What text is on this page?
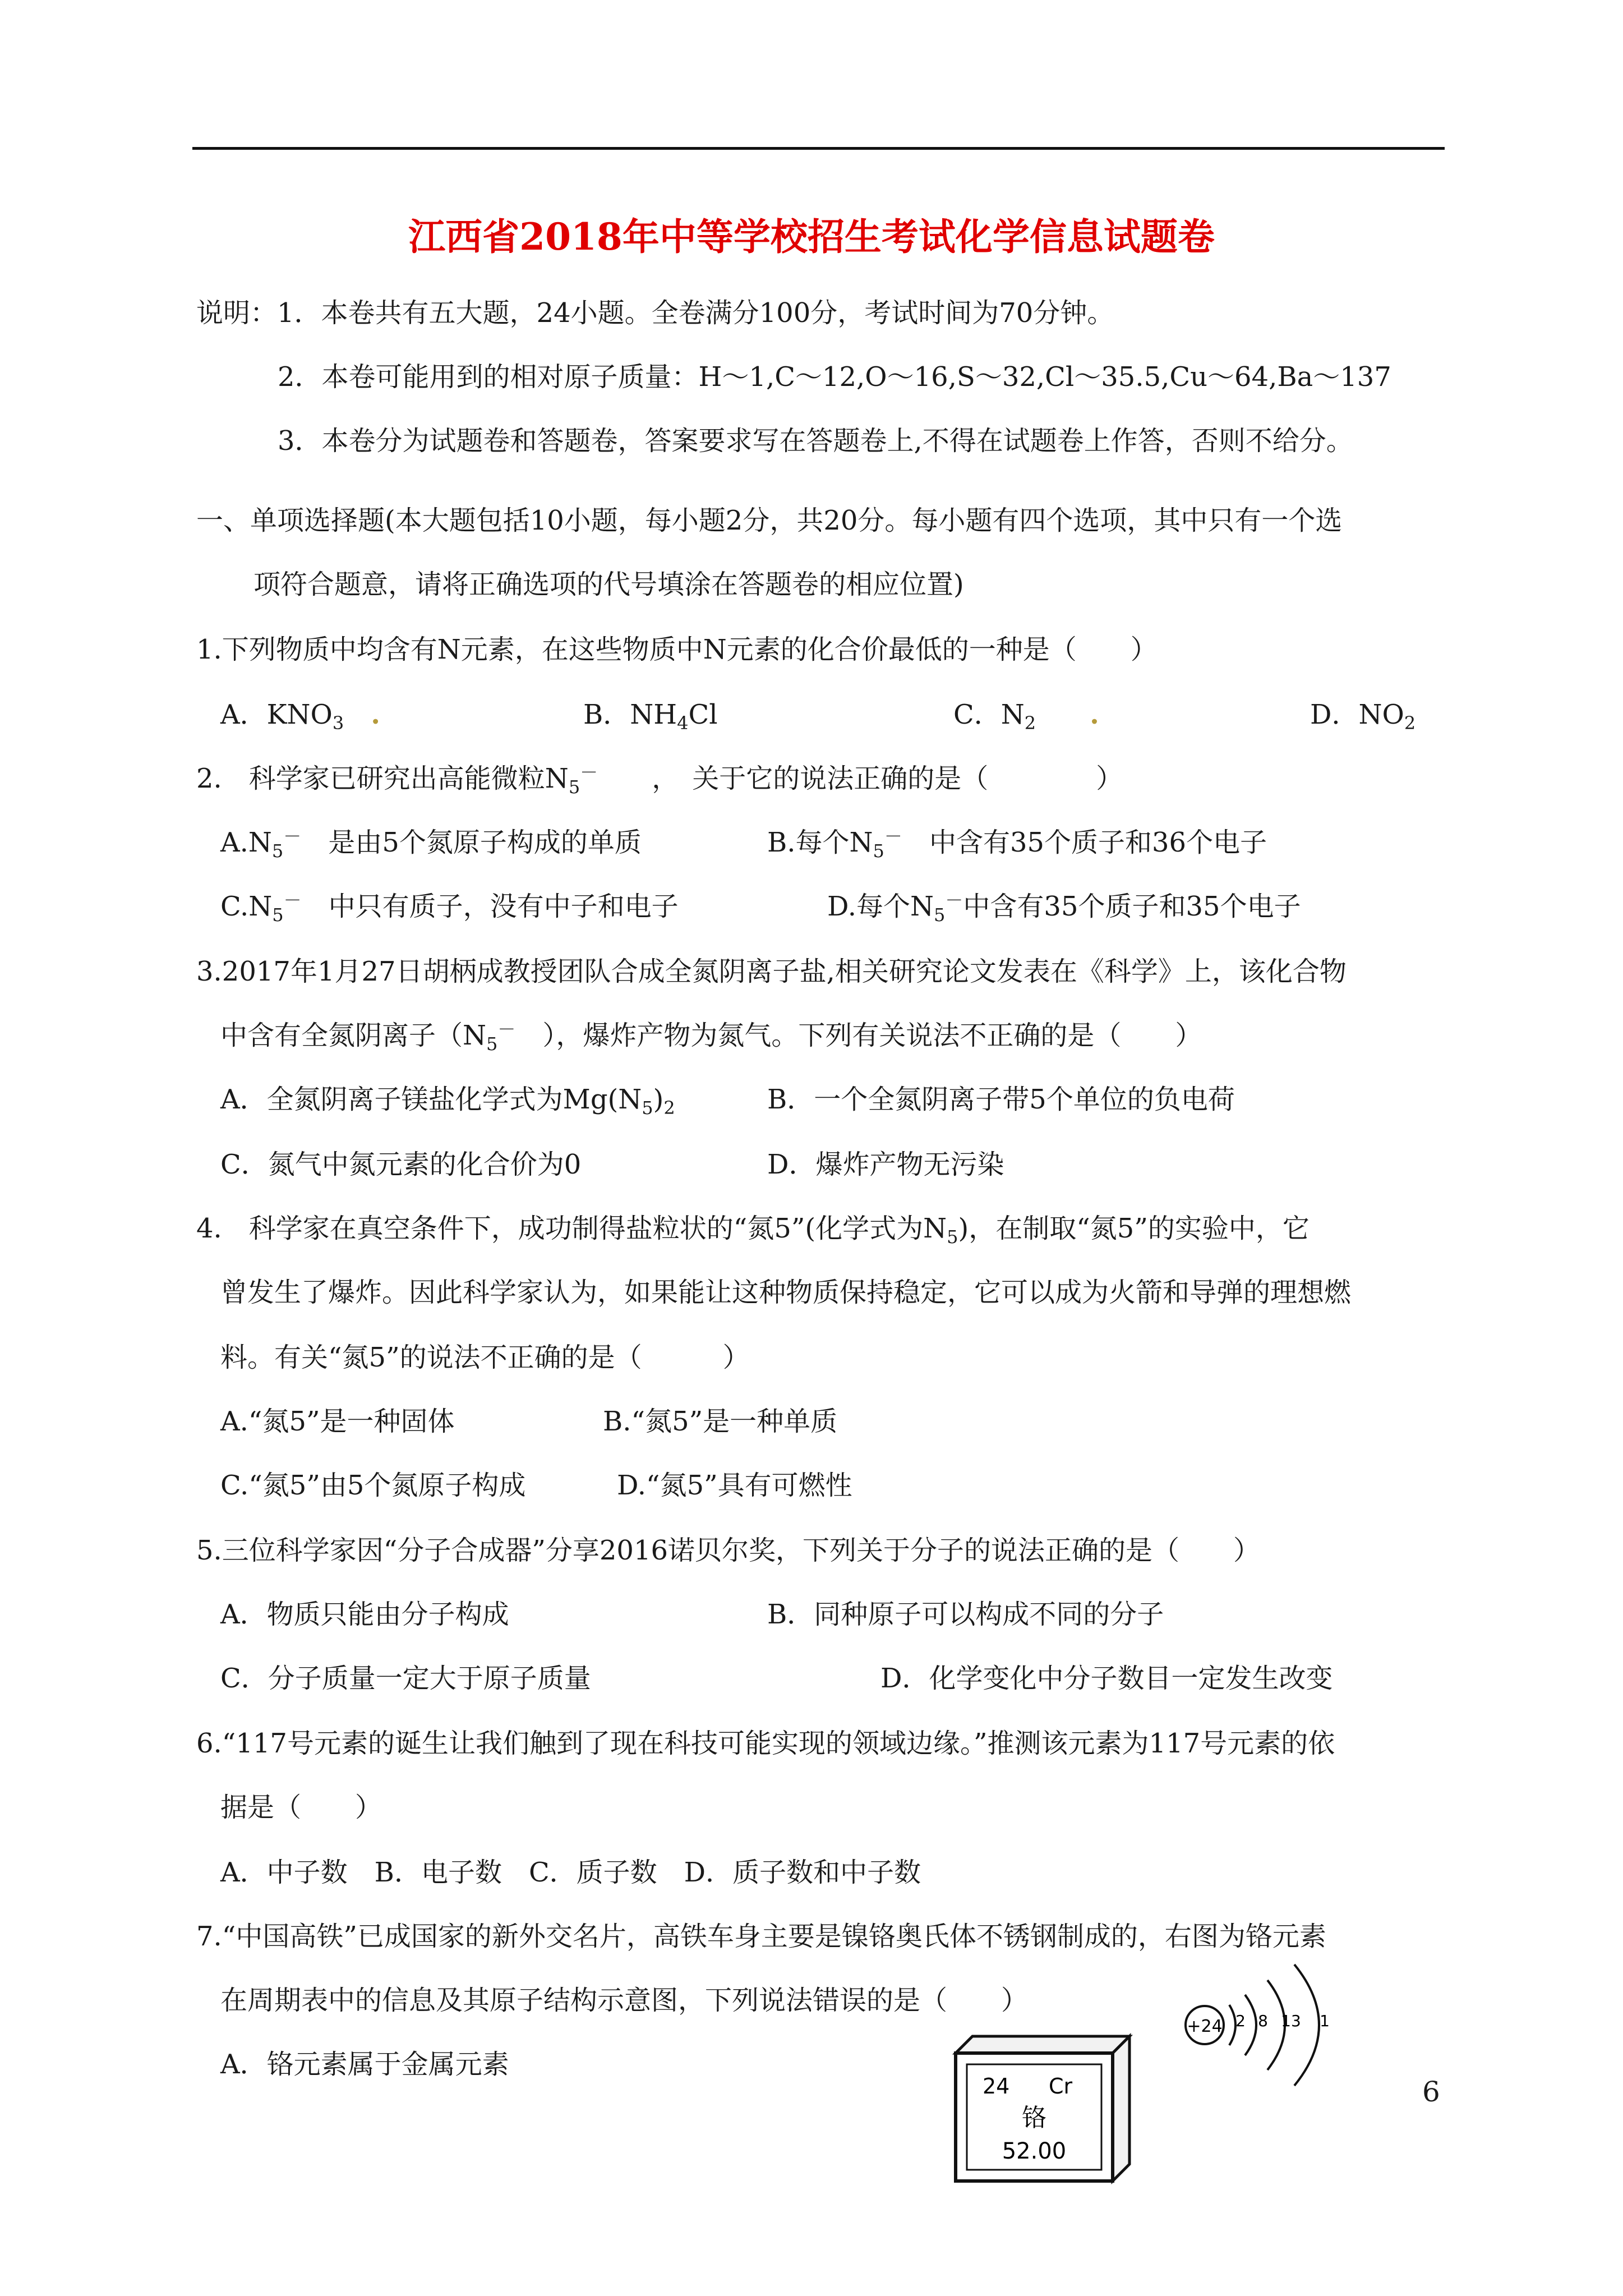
江西省2018年中等学校招生考试化学信息试题卷
说明：1．本卷共有五大题，24小题。全卷满分100分，考试时间为70分钟。
2．本卷可能用到的相对原子质量：H～1,C～12,O～16,S～32,Cl～35.5,Cu～64,Ba～137
3．本卷分为试题卷和答题卷，答案要求写在答题卷上,不得在试题卷上作答，否则不给分。
一、单项选择题(本大题包括10小题，每小题2分，共20分。每小题有四个选项，其中只有一个选
项符合题意，请将正确选项的代号填涂在答题卷的相应位置)
1.下列物质中均含有N元素，在这些物质中N元素的化合价最低的一种是（　　）
A．$KNO_3$　 .	B．$NH_4Cl$	C．$N_2$　　 .	D．$NO_2$
2.　科学家已研究出高能微粒$N_5^-$　　 ，　关于它的说法正确的是（　　　　）
$A.N_5^-$　 是由5个氮原子构成的单质	B.每个$N_5^-$　 中含有35个质子和36个电子
$C.N_5^-$　 中只有质子，没有中子和电子	D.每个$N_5^-$中含有35个质子和35个电子
3.2017年1月27日胡柄成教授团队合成全氮阴离子盐,相关研究论文发表在《科学》上，该化合物
中含有全氮阴离子（$N_5^-$　 ），爆炸产物为氮气。下列有关说法不正确的是（　　）
A．全氮阴离子镁盐化学式为$Mg(N_5)_2$	B．一个全氮阴离子带5个单位的负电荷
C．氮气中氮元素的化合价为0	D．爆炸产物无污染
4.　科学家在真空条件下，成功制得盐粒状的“氮5”(化学式为$N_5$)，在制取“氮5”的实验中，它
曾发生了爆炸。因此科学家认为，如果能让这种物质保持稳定，它可以成为火箭和导弹的理想燃
料。有关“氮5”的说法不正确的是（　　　）
A.“氮5”是一种固体	B.“氮5”是一种单质
C.“氮5”由5个氮原子构成	D.“氮5”具有可燃性
5.三位科学家因“分子合成器”分享2016诺贝尔奖，下列关于分子的说法正确的是（　　）
A．物质只能由分子构成	B．同种原子可以构成不同的分子
C．分子质量一定大于原子质量	D．化学变化中分子数目一定发生改变
6.“117号元素的诞生让我们触到了现在科技可能实现的领域边缘。”推测该元素为117号元素的依
据是（　　）
A．中子数　B．电子数　C．质子数　D．质子数和中子数
7.“中国高铁”已成国家的新外交名片，高铁车身主要是镍铬奥氏体不锈钢制成的，右图为铬元素
在周期表中的信息及其原子结构示意图，下列说法错误的是（　　）
A．铬元素属于金属元素
24 Cr
铬
52.00
+24 2 8 13 1
6
